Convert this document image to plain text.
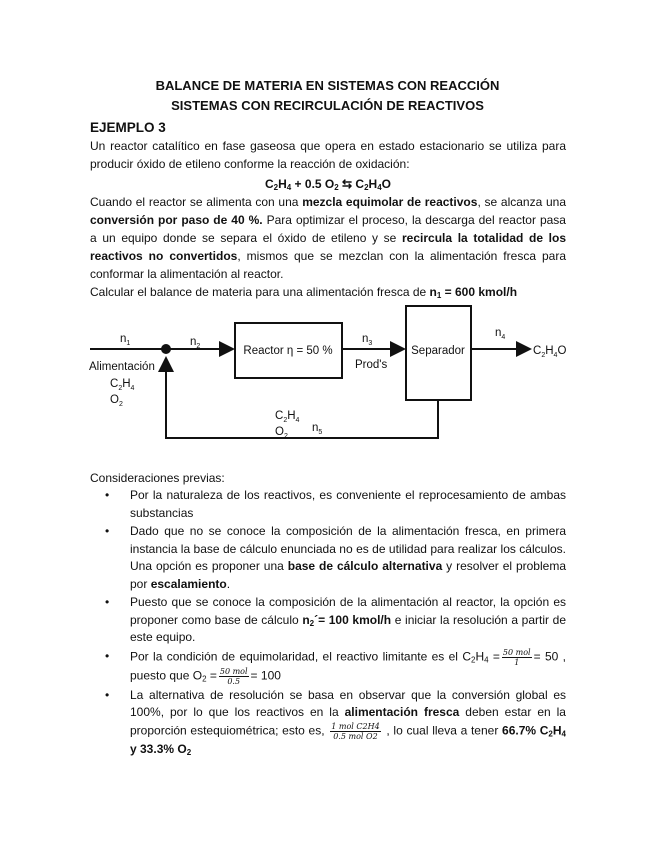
BALANCE DE MATERIA EN SISTEMAS CON REACCIÓN
SISTEMAS CON RECIRCULACIÓN DE REACTIVOS
EJEMPLO 3
Un reactor catalítico en fase gaseosa que opera en estado estacionario se utiliza para producir óxido de etileno conforme la reacción de oxidación:
$C_2H_4 + 0.5$ $O_2$ ⇆ $C_2H_4O$
Cuando el reactor se alimenta con una mezcla equimolar de reactivos, se alcanza una conversión por paso de 40 %. Para optimizar el proceso, la descarga del reactor pasa a un equipo donde se separa el óxido de etileno y se recircula la totalidad de los reactivos no convertidos, mismos que se mezclan con la alimentación fresca para conformar la alimentación al reactor.
Calcular el balance de materia para una alimentación fresca de $n_1 = 600$ kmol/h
$n_1$	$n_2$
$n_3$
$n_4$
$n_5$
Alimentación
$C_2H_4$
$O_2$
Reactor η = 50 %
Prod's
Separador	$C_2H_4O$
$C_2H_4$
$O_2$
Consideraciones previas:
• Por la naturaleza de los reactivos, es conveniente el reprocesamiento de ambas substancias
• Dado que no se conoce la composición de la alimentación fresca, en primera instancia la base de cálculo enunciada no es de utilidad para realizar los cálculos. Una opción es proponer una base de cálculo alternativa y resolver el problema por escalamiento.
• Puesto que se conoce la composición de la alimentación al reactor, la opción es proponer como base de cálculo $n_2´= 100$ kmol/h e iniciar la resolución a partir de este equipo.
• Por la condición de equimolaridad, el reactivo limitante es el $C_2H_4 = \frac{\text{50 mol}}{1} = 50$ , puesto que $O_2 = \frac{\text{50 mol}}{0.5} = 100$
• La alternativa de resolución se basa en observar que la conversión global es 100%, por lo que los reactivos en la alimentación fresca deben estar en la proporción estequiométrica; esto es, $\frac{\text{1 mol C2H4}}{\text{0.5 mol O2}}$ , lo cual lleva a tener 66.7% $C_2H_4$ y 33.3% $O_2$
